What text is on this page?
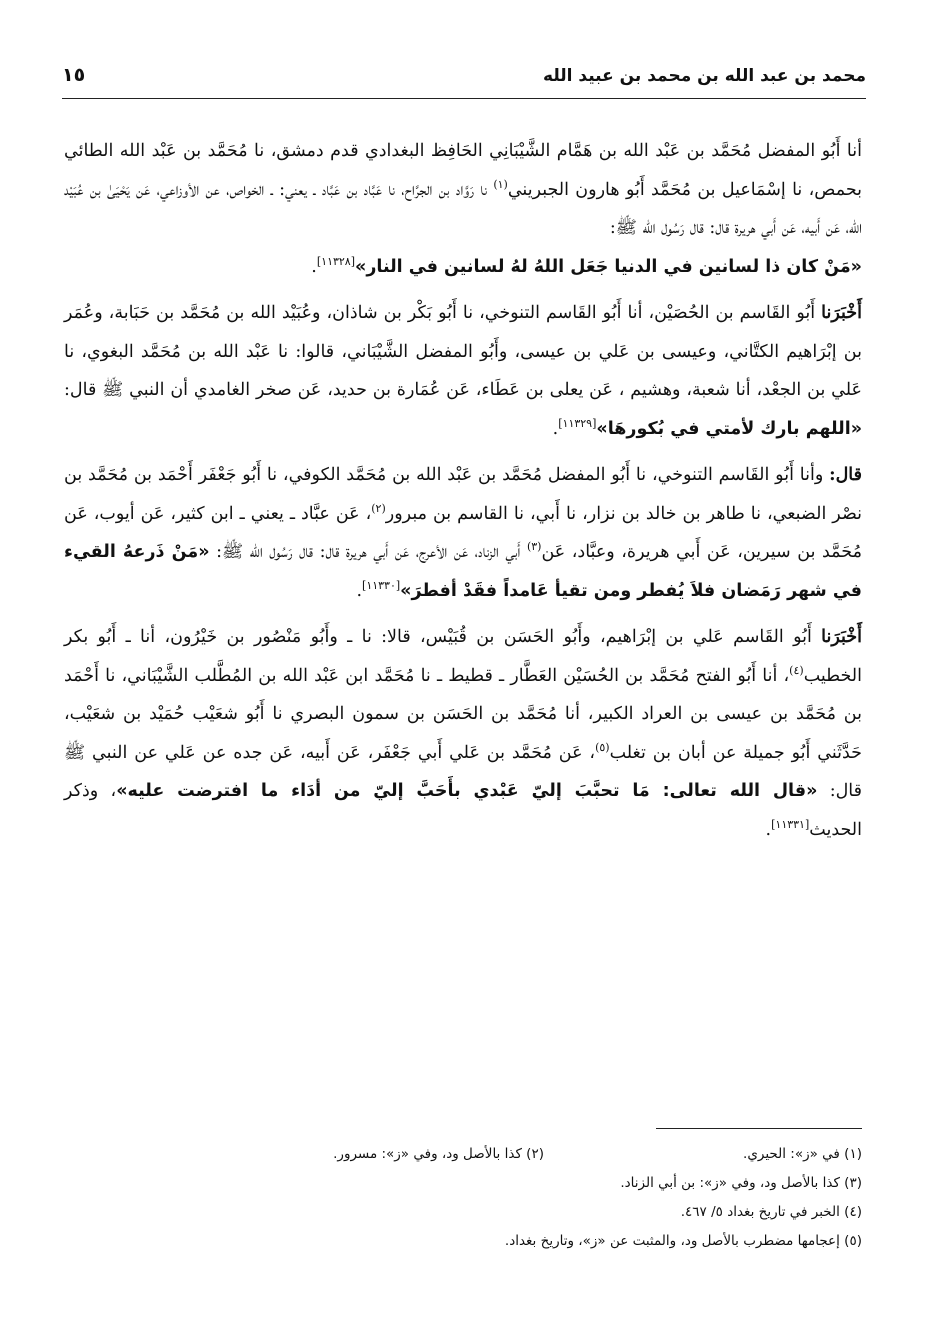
محمد بن عبد الله بن محمد بن عبيد الله
١٥

أنا أَبُو المفضل مُحَمَّد بن عَبْد الله بن هَمَّام الشَّيْبَانِي الحَافِظ البغدادي قدم دمشق، نا مُحَمَّد بن عَبْد الله الطائي بحمص، نا إسْمَاعيل بن مُحَمَّد أَبُو هارون الجبريني$^{(١)}$ نا رَوَّاد بن الجرَّاح، نا عَبَّاد بن عَبَّاد ـ يعني: ـ الخواص، عن الأوزاعي، عَن يَحْيَىٰ بن عُبَيْد الله، عَن أَبيه، عَن أَبي هريرة قال: قال رَسُول الله ﷺ:
«مَنْ كان ذا لسانين في الدنيا جَعَل اللهُ لهُ لسانين في النار»[١١٣٢٨].

أَخْبَرَنا أَبُو القَاسم بن الحُصَيْن، أنا أَبُو القَاسم التنوخي، نا أَبُو بَكْر بن شاذان، وعُبَيْد الله بن مُحَمَّد بن حَبَابة، وعُمَر بن إبْرَاهيم الكتَّاني، وعيسى بن عَلي بن عيسى، وأَبُو المفضل الشَّيْبَاني، قالوا: نا عَبْد الله بن مُحَمَّد البغوي، نا عَلي بن الجعْد، أنا شعبة، وهشيم ، عَن يعلى بن عَطَاء، عَن عُمَارة بن حديد، عَن صخر الغامدي أن النبي ﷺ قال: «اللهم بارك لأمتي في بُكورهَا»[١١٣٢٩].

قال: وأنا أَبُو القَاسم التنوخي، نا أَبُو المفضل مُحَمَّد بن عَبْد الله بن مُحَمَّد الكوفي، نا أَبُو جَعْفَر أَحْمَد بن مُحَمَّد بن نصْر الضبعي، نا طاهر بن خالد بن نزار، نا أَبي، نا القاسم بن مبرور$^{(٢)}$، عَن عبَّاد ـ يعني ـ ابن كثير، عَن أيوب، عَن مُحَمَّد بن سيرين، عَن أَبي هريرة، وعبَّاد، عَن$^{(٣)}$ أَبي الزناد، عَن الأعرج، عَن أَبي هريرة قال: قال رَسُول الله ﷺ: «مَنْ ذَرعهُ القيء في شهر رَمَضان فلاَ يُفطر ومن تقيأ عَامداً فقَدْ أفطرَ»[١١٣٣٠].

أَخْبَرَنا أَبُو القَاسم عَلي بن إبْرَاهيم، وأَبُو الحَسَن بن قُبَيْس، قالا: نا ـ وأَبُو مَنْصُور بن خَيْرُون، أنا ـ أَبُو بكر الخطيب$^{(٤)}$، أنا أَبُو الفتح مُحَمَّد بن الحُسَيْن العَطَّار ـ قطيط ـ نا مُحَمَّد ابن عَبْد الله بن المُطَّلب الشَّيْبَاني، نا أَحْمَد بن مُحَمَّد بن عيسى بن العراد الكبير، أنا مُحَمَّد بن الحَسَن بن سمون البصري نا أَبُو شعَيْب حُمَيْد بن شعَيْب، حَدَّثَني أَبُو جميلة عن أبان بن تغلب$^{(٥)}$، عَن مُحَمَّد بن عَلي أَبي جَعْفَر، عَن أَبيه، عَن جده عن عَلي عن النبي ﷺ قال: «قال الله تعالى: مَا تحبَّبَ إليّ عَبْدي بأَحَبَّ إليّ من أدَاء ما افترضت عليه»، وذكر الحديث[١١٣٣١].

(١) في «ز»: الحيري.
(٢) كذا بالأصل ود، وفي «ز»: مسرور.
(٣) كذا بالأصل ود، وفي «ز»: بن أبي الزناد.
(٤) الخبر في تاريخ بغداد ٥/ ٤٦٧.
(٥) إعجامها مضطرب بالأصل ود، والمثبت عن «ز»، وتاريخ بغداد.
